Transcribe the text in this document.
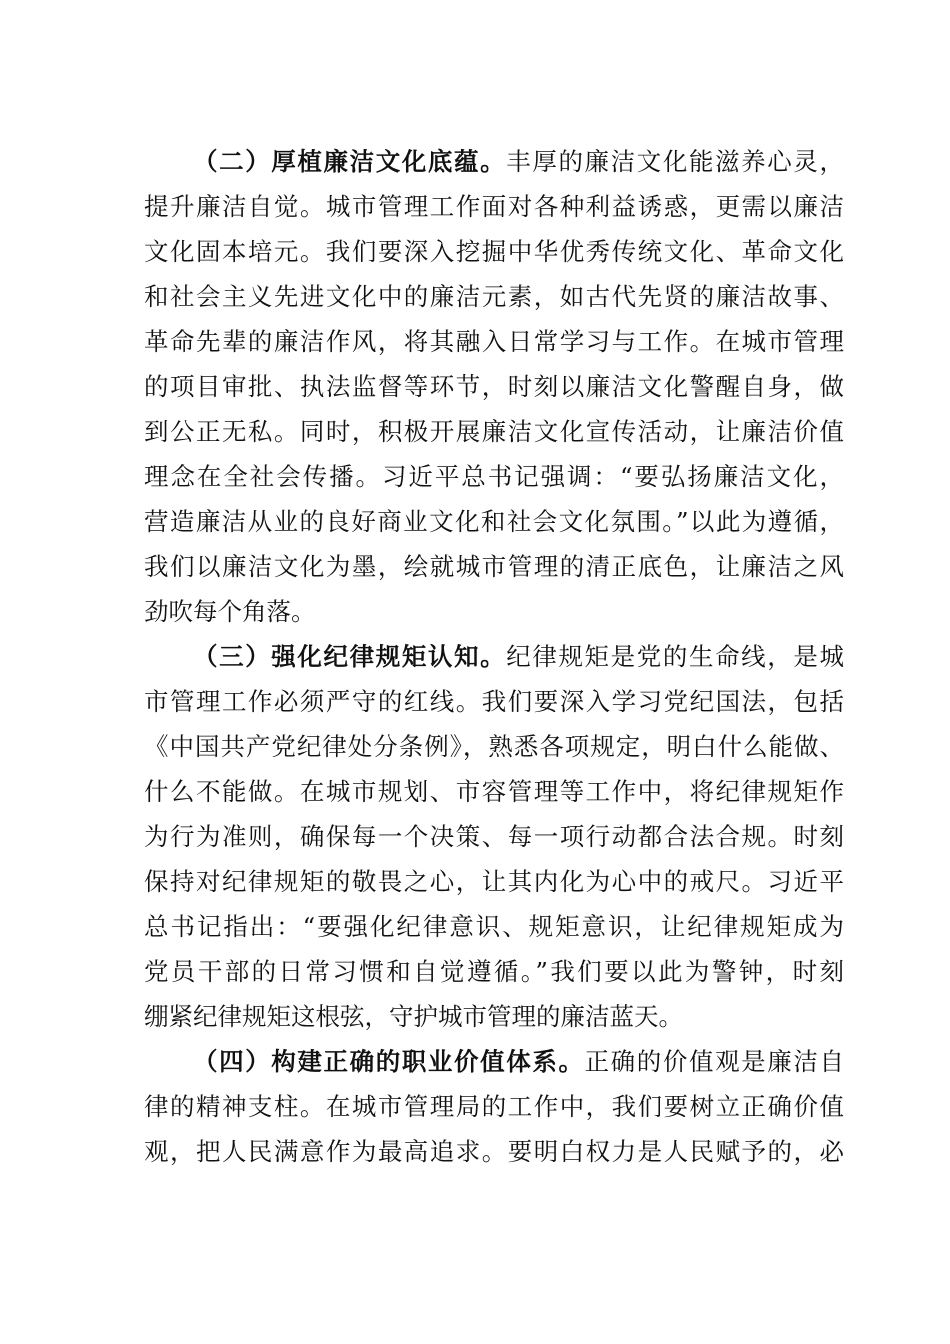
（二）厚植廉洁文化底蕴。丰厚的廉洁文化能滋养心灵，
提升廉洁自觉。城市管理工作面对各种利益诱惑，更需以廉洁
文化固本培元。我们要深入挖掘中华优秀传统文化、革命文化
和社会主义先进文化中的廉洁元素，如古代先贤的廉洁故事、
革命先辈的廉洁作风，将其融入日常学习与工作。在城市管理
的项目审批、执法监督等环节，时刻以廉洁文化警醒自身，做
到公正无私。同时，积极开展廉洁文化宣传活动，让廉洁价值
理念在全社会传播。习近平总书记强调：“要弘扬廉洁文化，
营造廉洁从业的良好商业文化和社会文化氛围。”以此为遵循，
我们以廉洁文化为墨，绘就城市管理的清正底色，让廉洁之风
劲吹每个角落。
（三）强化纪律规矩认知。纪律规矩是党的生命线，是城
市管理工作必须严守的红线。我们要深入学习党纪国法，包括
《中国共产党纪律处分条例》，熟悉各项规定，明白什么能做、
什么不能做。在城市规划、市容管理等工作中，将纪律规矩作
为行为准则，确保每一个决策、每一项行动都合法合规。时刻
保持对纪律规矩的敬畏之心，让其内化为心中的戒尺。习近平
总书记指出：“要强化纪律意识、规矩意识，让纪律规矩成为
党员干部的日常习惯和自觉遵循。”我们要以此为警钟，时刻
绷紧纪律规矩这根弦，守护城市管理的廉洁蓝天。
（四）构建正确的职业价值体系。正确的价值观是廉洁自
律的精神支柱。在城市管理局的工作中，我们要树立正确价值
观，把人民满意作为最高追求。要明白权力是人民赋予的，必
